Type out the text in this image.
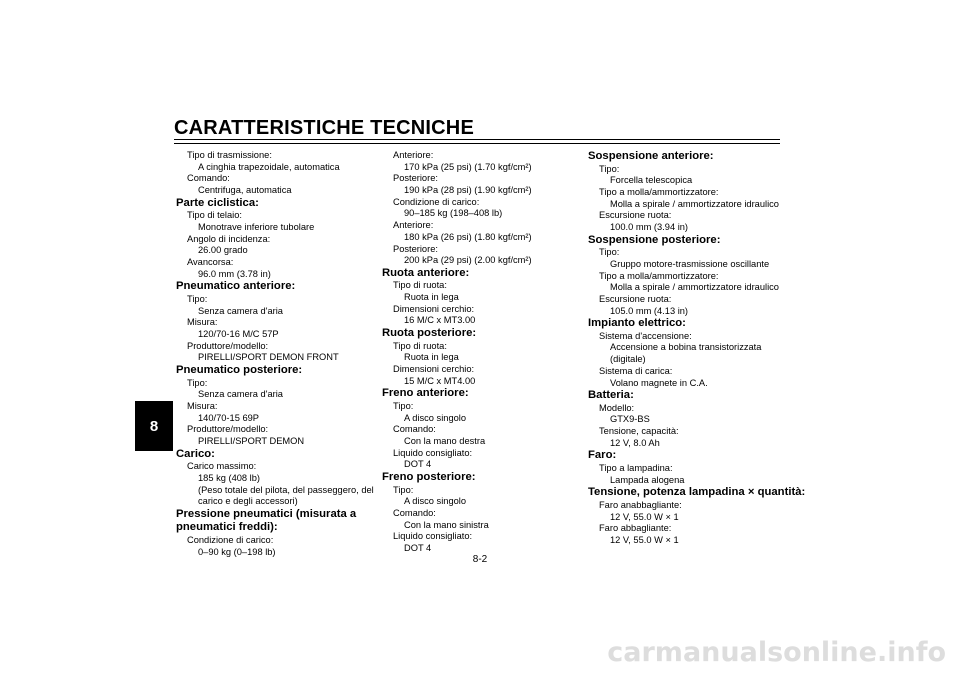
CARATTERISTICHE TECNICHE
8
Tipo di trasmissione:
A cinghia trapezoidale, automatica
Comando:
Centrifuga, automatica
Parte ciclistica:
Tipo di telaio:
Monotrave inferiore tubolare
Angolo di incidenza:
26.00 grado
Avancorsa:
96.0 mm (3.78 in)
Pneumatico anteriore:
Tipo:
Senza camera d'aria
Misura:
120/70-16 M/C 57P
Produttore/modello:
PIRELLI/SPORT DEMON FRONT
Pneumatico posteriore:
Tipo:
Senza camera d'aria
Misura:
140/70-15 69P
Produttore/modello:
PIRELLI/SPORT DEMON
Carico:
Carico massimo:
185 kg (408 lb)
(Peso totale del pilota, del passeggero, del
carico e degli accessori)
Pressione pneumatici (misurata a
pneumatici freddi):
Condizione di carico:
0–90 kg (0–198 lb)
Anteriore:
170 kPa (25 psi) (1.70 kgf/cm²)
Posteriore:
190 kPa (28 psi) (1.90 kgf/cm²)
Condizione di carico:
90–185 kg (198–408 lb)
Anteriore:
180 kPa (26 psi) (1.80 kgf/cm²)
Posteriore:
200 kPa (29 psi) (2.00 kgf/cm²)
Ruota anteriore:
Tipo di ruota:
Ruota in lega
Dimensioni cerchio:
16 M/C x MT3.00
Ruota posteriore:
Tipo di ruota:
Ruota in lega
Dimensioni cerchio:
15 M/C x MT4.00
Freno anteriore:
Tipo:
A disco singolo
Comando:
Con la mano destra
Liquido consigliato:
DOT 4
Freno posteriore:
Tipo:
A disco singolo
Comando:
Con la mano sinistra
Liquido consigliato:
DOT 4
Sospensione anteriore:
Tipo:
Forcella telescopica
Tipo a molla/ammortizzatore:
Molla a spirale / ammortizzatore idraulico
Escursione ruota:
100.0 mm (3.94 in)
Sospensione posteriore:
Tipo:
Gruppo motore-trasmissione oscillante
Tipo a molla/ammortizzatore:
Molla a spirale / ammortizzatore idraulico
Escursione ruota:
105.0 mm (4.13 in)
Impianto elettrico:
Sistema d'accensione:
Accensione a bobina transistorizzata
(digitale)
Sistema di carica:
Volano magnete in C.A.
Batteria:
Modello:
GTX9-BS
Tensione, capacità:
12 V, 8.0 Ah
Faro:
Tipo a lampadina:
Lampada alogena
Tensione, potenza lampadina × quantità:
Faro anabbagliante:
12 V, 55.0 W × 1
Faro abbagliante:
12 V, 55.0 W × 1
8-2
carmanualsonline.info
